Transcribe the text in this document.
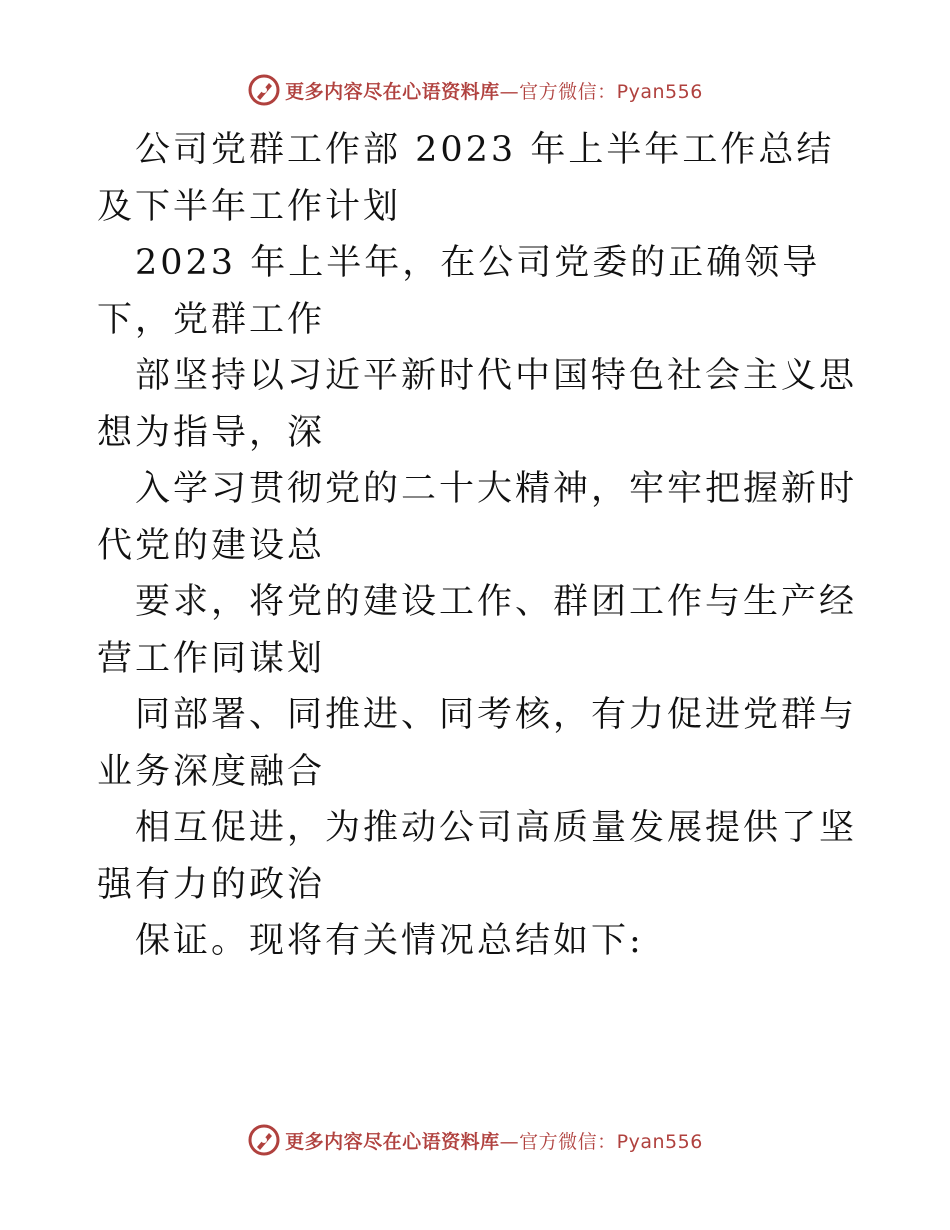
更多内容尽在心语资料库—官方微信：Pyan556

公司党群工作部 2023 年上半年工作总结及下半年工作计划

2023 年上半年，在公司党委的正确领导下，党群工作

部坚持以习近平新时代中国特色社会主义思想为指导，深

入学习贯彻党的二十大精神，牢牢把握新时代党的建设总

要求，将党的建设工作、群团工作与生产经营工作同谋划

同部署、同推进、同考核，有力促进党群与业务深度融合

相互促进，为推动公司高质量发展提供了坚强有力的政治

保证。现将有关情况总结如下:

更多内容尽在心语资料库—官方微信：Pyan556
